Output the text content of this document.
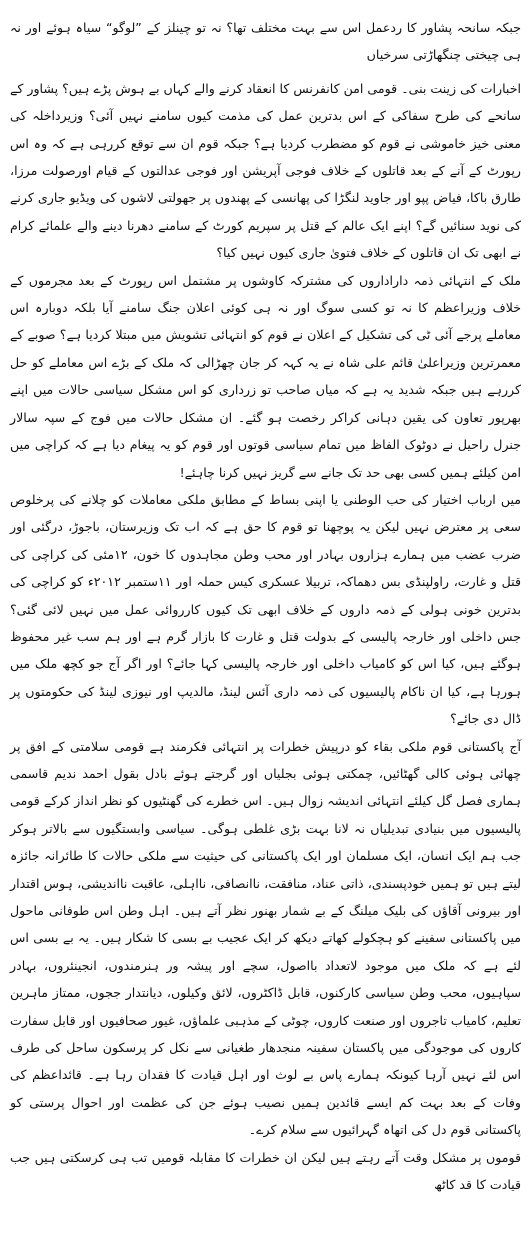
جبکہ سانحہ پشاور کا ردعمل اس سے بہت مختلف تھا؟ نہ تو چینلز کے ”لوگو“ سیاہ ہوئے اور نہ ہی چیختی چنگھاڑتی سرخیاں

اخبارات کی زینت بنی۔ قومی امن کانفرنس کا انعقاد کرنے والے کہاں بے ہوش پڑے ہیں؟ پشاور کے سانحے کی طرح سفاکی کے اس بدترین عمل کی مذمت کیوں سامنے نہیں آئی؟ وزیرداخلہ کی معنی خیز خاموشی نے قوم کو مضطرب کردیا ہے؟ جبکہ قوم ان سے توقع کررہی ہے کہ وہ اس رپورٹ کے آنے کے بعد قاتلوں کے خلاف فوجی آپریشن اور فوجی عدالتوں کے قیام اورصولت مرزا، طارق باکا، فیاض پپو اور جاوید لنگڑا کی پھانسی کے پھندوں پر جھولتی لاشوں کی ویڈیو جاری کرنے کی نوید سنائیں گے؟ اپنے ایک عالم کے قتل پر سپریم کورٹ کے سامنے دھرنا دینے والے علمائے کرام نے ابھی تک ان قاتلوں کے خلاف فتویٰ جاری کیوں نہیں کیا؟

ملک کے انتہائی ذمہ داراداروں کی مشترکہ کاوشوں پر مشتمل اس رپورٹ کے بعد مجرموں کے خلاف وزیراعظم کا نہ تو کسی سوگ اور نہ ہی کوئی اعلان جنگ سامنے آیا بلکہ دوبارہ اس معاملے پرجے آئی ٹی کی تشکیل کے اعلان نے قوم کو انتہائی تشویش میں مبتلا کردیا ہے؟ صوبے کے معمرترین وزیراعلیٰ قائم علی شاہ نے یہ کہہ کر جان چھڑالی کہ ملک کے بڑے اس معاملے کو حل کررہے ہیں جبکہ شدید یہ ہے کہ میاں صاحب تو زرداری کو اس مشکل سیاسی حالات میں اپنے بھرپور تعاون کی یقین دہانی کراکر رخصت ہو گئے۔ ان مشکل حالات میں فوج کے سپہ سالار جنرل راحیل نے دوٹوک الفاظ میں تمام سیاسی قوتوں اور قوم کو یہ پیغام دیا ہے کہ کراچی میں امن کیلئے ہمیں کسی بھی حد تک جانے سے گریز نہیں کرنا چاہئے!

میں ارباب اختیار کی حب الوطنی یا اپنی بساط کے مطابق ملکی معاملات کو چلانے کی پرخلوص سعی پر معترض نہیں لیکن یہ پوچھنا تو قوم کا حق ہے کہ اب تک وزیرستان، باجوڑ، درگئی اور ضرب عضب میں ہمارے ہزاروں بہادر اور محب وطن مجاہدوں کا خون، ۱۲مئی کی کراچی کی قتل و غارت، راولپنڈی بس دھماکہ، تربیلا عسکری کیس حملہ اور ۱۱ستمبر ۲۰۱۲ء کو کراچی کی بدترین خونی ہولی کے ذمہ داروں کے خلاف ابھی تک کیوں کارروائی عمل میں نہیں لائی گئی؟ جس داخلی اور خارجہ پالیسی کے بدولت قتل و غارت کا بازار گرم ہے اور ہم سب غیر محفوظ ہوگئے ہیں، کیا اس کو کامیاب داخلی اور خارجہ پالیسی کہا جائے؟ اور اگر آج جو کچھ ملک میں ہورہا ہے، کیا ان ناکام پالیسیوں کی ذمہ داری آئس لینڈ، مالدیپ اور نیوزی لینڈ کی حکومتوں پر ڈال دی جائے؟

آج پاکستانی قوم ملکی بقاء کو درپیش خطرات پر انتہائی فکرمند ہے قومی سلامتی کے افق پر چھائی ہوئی کالی گھٹائیں، چمکتی ہوئی بجلیاں اور گرجتے ہوئے بادل بقول احمد ندیم قاسمی ہماری فصل گل کیلئے انتہائی اندیشہ زوال ہیں۔ اس خطرے کی گھنٹیوں کو نظر انداز کرکے قومی پالیسیوں میں بنیادی تبدیلیاں نہ لانا بہت بڑی غلطی ہوگی۔ سیاسی وابستگیوں سے بالاتر ہوکر جب ہم ایک انسان، ایک مسلمان اور ایک پاکستانی کی حیثیت سے ملکی حالات کا طائرانہ جائزہ لیتے ہیں تو ہمیں خودپسندی، ذاتی عناد، منافقت، ناانصافی، نااہلی، عاقبت نااندیشی، ہوس اقتدار اور بیرونی آقاؤں کی بلیک میلنگ کے بے شمار بھنور نظر آتے ہیں۔ اہل وطن اس طوفانی ماحول میں پاکستانی سفینے کو ہچکولے کھاتے دیکھ کر ایک عجیب بے بسی کا شکار ہیں۔ یہ بے بسی اس لئے ہے کہ ملک میں موجود لاتعداد بااصول، سچے اور پیشہ ور ہنرمندوں، انجینئروں، بہادر سپاہیوں، محب وطن سیاسی کارکنوں، قابل ڈاکٹروں، لائق وکیلوں، دیانتدار ججوں، ممتاز ماہرین تعلیم، کامیاب تاجروں اور صنعت کاروں، چوٹی کے مذہبی علماؤں، غیور صحافیوں اور قابل سفارت کاروں کی موجودگی میں پاکستان سفینہ منجدھار طغیانی سے نکل کر پرسکون ساحل کی طرف اس لئے نہیں آرہا کیونکہ ہمارے پاس بے لوث اور اہل قیادت کا فقدان رہا ہے۔ قائداعظم کی وفات کے بعد بہت کم ایسے قائدین ہمیں نصیب ہوئے جن کی عظمت اور احوال پرستی کو پاکستانی قوم دل کی اتھاہ گہرائیوں سے سلام کرے۔

قوموں پر مشکل وقت آتے رہتے ہیں لیکن ان خطرات کا مقابلہ قومیں تب ہی کرسکتی ہیں جب قیادت کا قد کاٹھ
